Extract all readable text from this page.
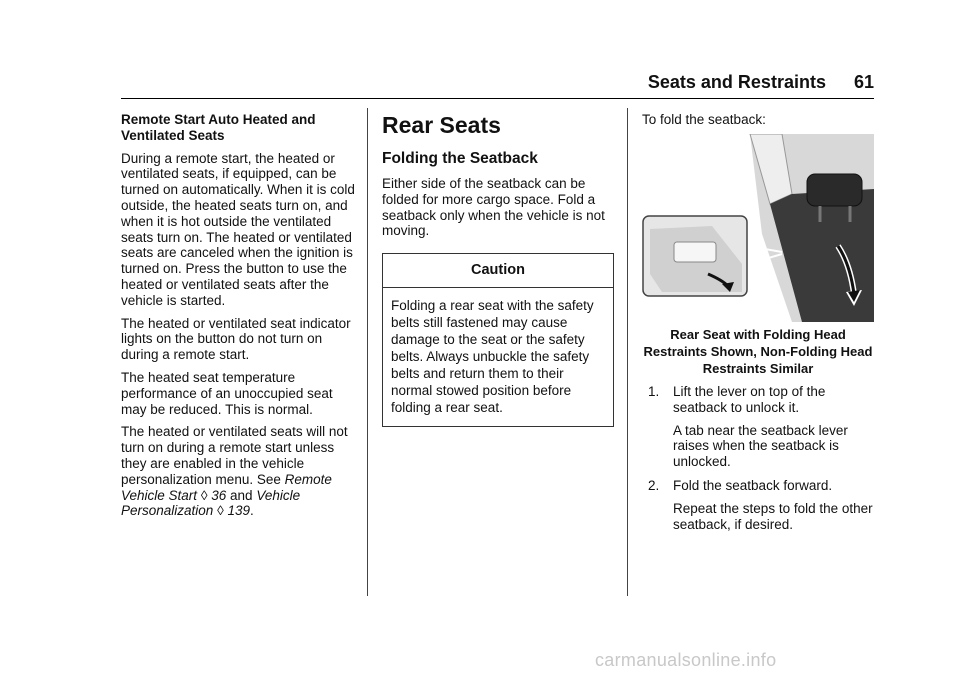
Seats and Restraints 61

Remote Start Auto Heated and Ventilated Seats

During a remote start, the heated or ventilated seats, if equipped, can be turned on automatically. When it is cold outside, the heated seats turn on, and when it is hot outside the ventilated seats turn on. The heated or ventilated seats are canceled when the ignition is turned on. Press the button to use the heated or ventilated seats after the vehicle is started.

The heated or ventilated seat indicator lights on the button do not turn on during a remote start.

The heated seat temperature performance of an unoccupied seat may be reduced. This is normal.

The heated or ventilated seats will not turn on during a remote start unless they are enabled in the vehicle personalization menu. See Remote Vehicle Start ◊ 36 and Vehicle Personalization ◊ 139.

Rear Seats
Folding the Seatback

Either side of the seatback can be folded for more cargo space. Fold a seatback only when the vehicle is not moving.

Caution
Folding a rear seat with the safety belts still fastened may cause damage to the seat or the safety belts. Always unbuckle the safety belts and return them to their normal stowed position before folding a rear seat.

To fold the seatback:

Rear Seat with Folding Head Restraints Shown, Non-Folding Head Restraints Similar
1. Lift the lever on top of the seatback to unlock it.

A tab near the seatback lever raises when the seatback is unlocked.

2. Fold the seatback forward.

Repeat the steps to fold the other seatback, if desired.

carmanualsonline.info
